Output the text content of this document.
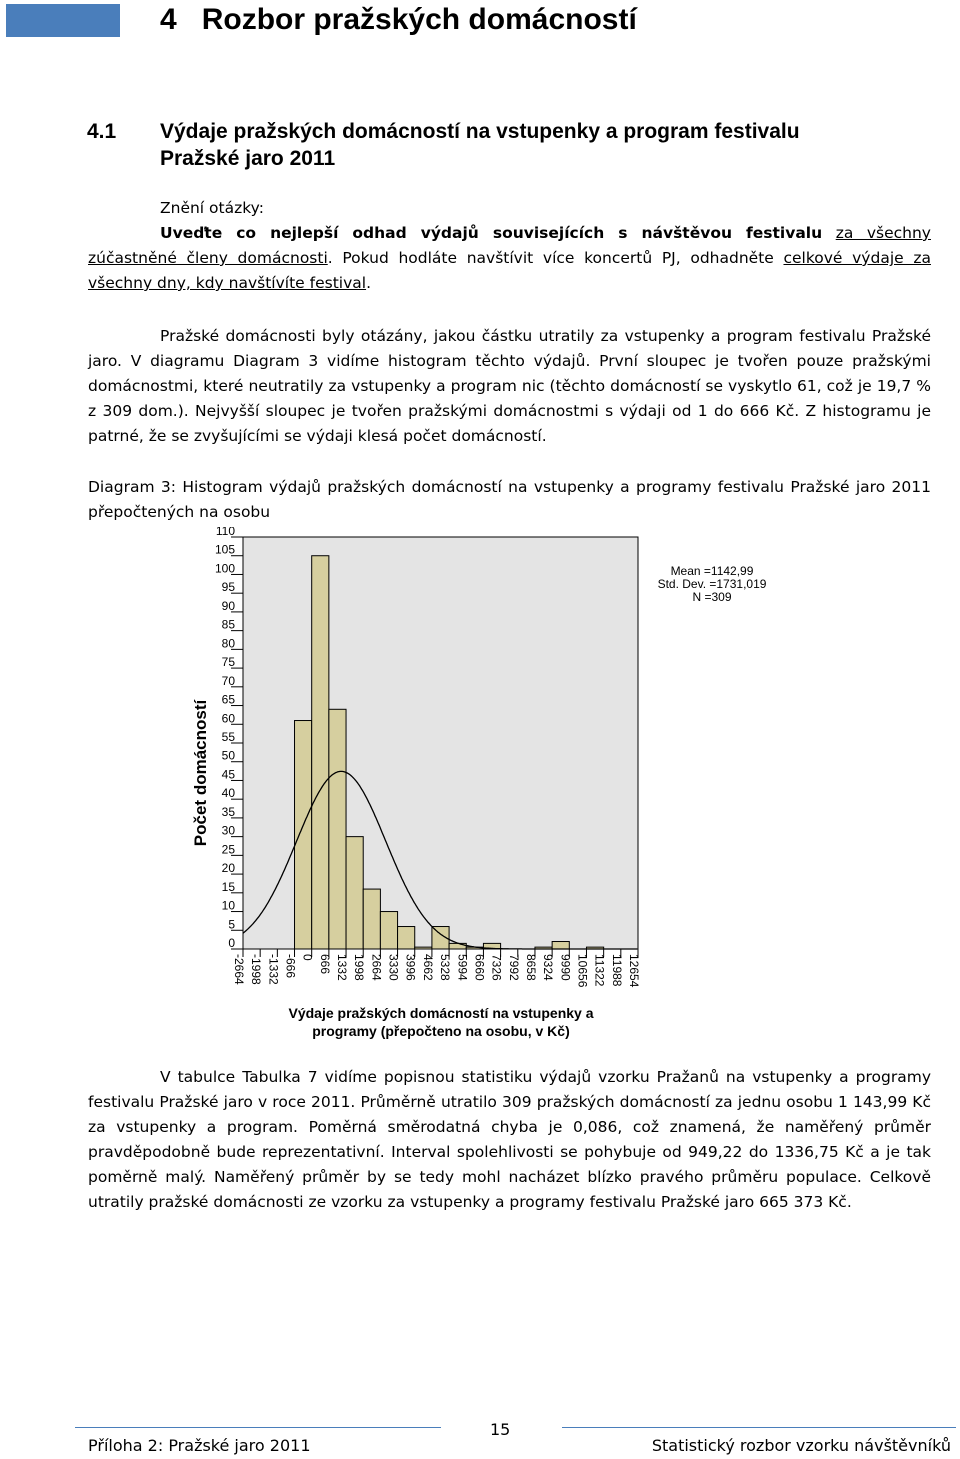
4 Rozbor pražských domácností
4.1 Výdaje pražských domácností na vstupenky a program festivalu Pražské jaro 2011
Znění otázky:
Uveďte co nejlepší odhad výdajů souvisejících s návštěvou festivalu za všechny zúčastněné členy domácnosti. Pokud hodláte navštívit více koncertů PJ, odhadněte celkové výdaje za všechny dny, kdy navštívíte festival.
Pražské domácnosti byly otázány, jakou částku utratily za vstupenky a program festivalu Pražské jaro. V diagramu Diagram 3 vidíme histogram těchto výdajů. První sloupec je tvořen pouze pražskými domácnostmi, které neutratily za vstupenky a program nic (těchto domácností se vyskytlo 61, což je 19,7 % z 309 dom.). Nejvyšší sloupec je tvořen pražskými domácnostmi s výdaji od 1 do 666 Kč. Z histogramu je patrné, že se zvyšujícími se výdaji klesá počet domácností.
Diagram 3: Histogram výdajů pražských domácností na vstupenky a programy festivalu Pražské jaro 2011 přepočtených na osobu
0
5
10
15
20
25
30
35
40
45
50
55
60
65
70
75
80
85
90
95
100
105
110
-2664 -1998 -1332 -666 0 666 1332 1998 2664 3330 3996 4662 5328 5994 6660 7326 7992 8658 9324 9990 10656 11322 11988 12654
Počet domácností
Výdaje pražských domácností na vstupenky a
programy (přepočteno na osobu, v Kč)
Mean =1142,99
Std. Dev. =1731,019
N =309
V tabulce Tabulka 7 vidíme popisnou statistiku výdajů vzorku Pražanů na vstupenky a programy festivalu Pražské jaro v roce 2011. Průměrně utratilo 309 pražských domácností za jednu osobu 1 143,99 Kč za vstupenky a program. Poměrná směrodatná chyba je 0,086, což znamená, že naměřený průměr pravděpodobně bude reprezentativní. Interval spolehlivosti se pohybuje od 949,22 do 1336,75 Kč a je tak poměrně malý. Naměřený průměr by se tedy mohl nacházet blízko pravého průměru populace. Celkově utratily pražské domácnosti ze vzorku za vstupenky a programy festivalu Pražské jaro 665 373 Kč.
15
Příloha 2: Pražské jaro 2011	Statistický rozbor vzorku návštěvníků
